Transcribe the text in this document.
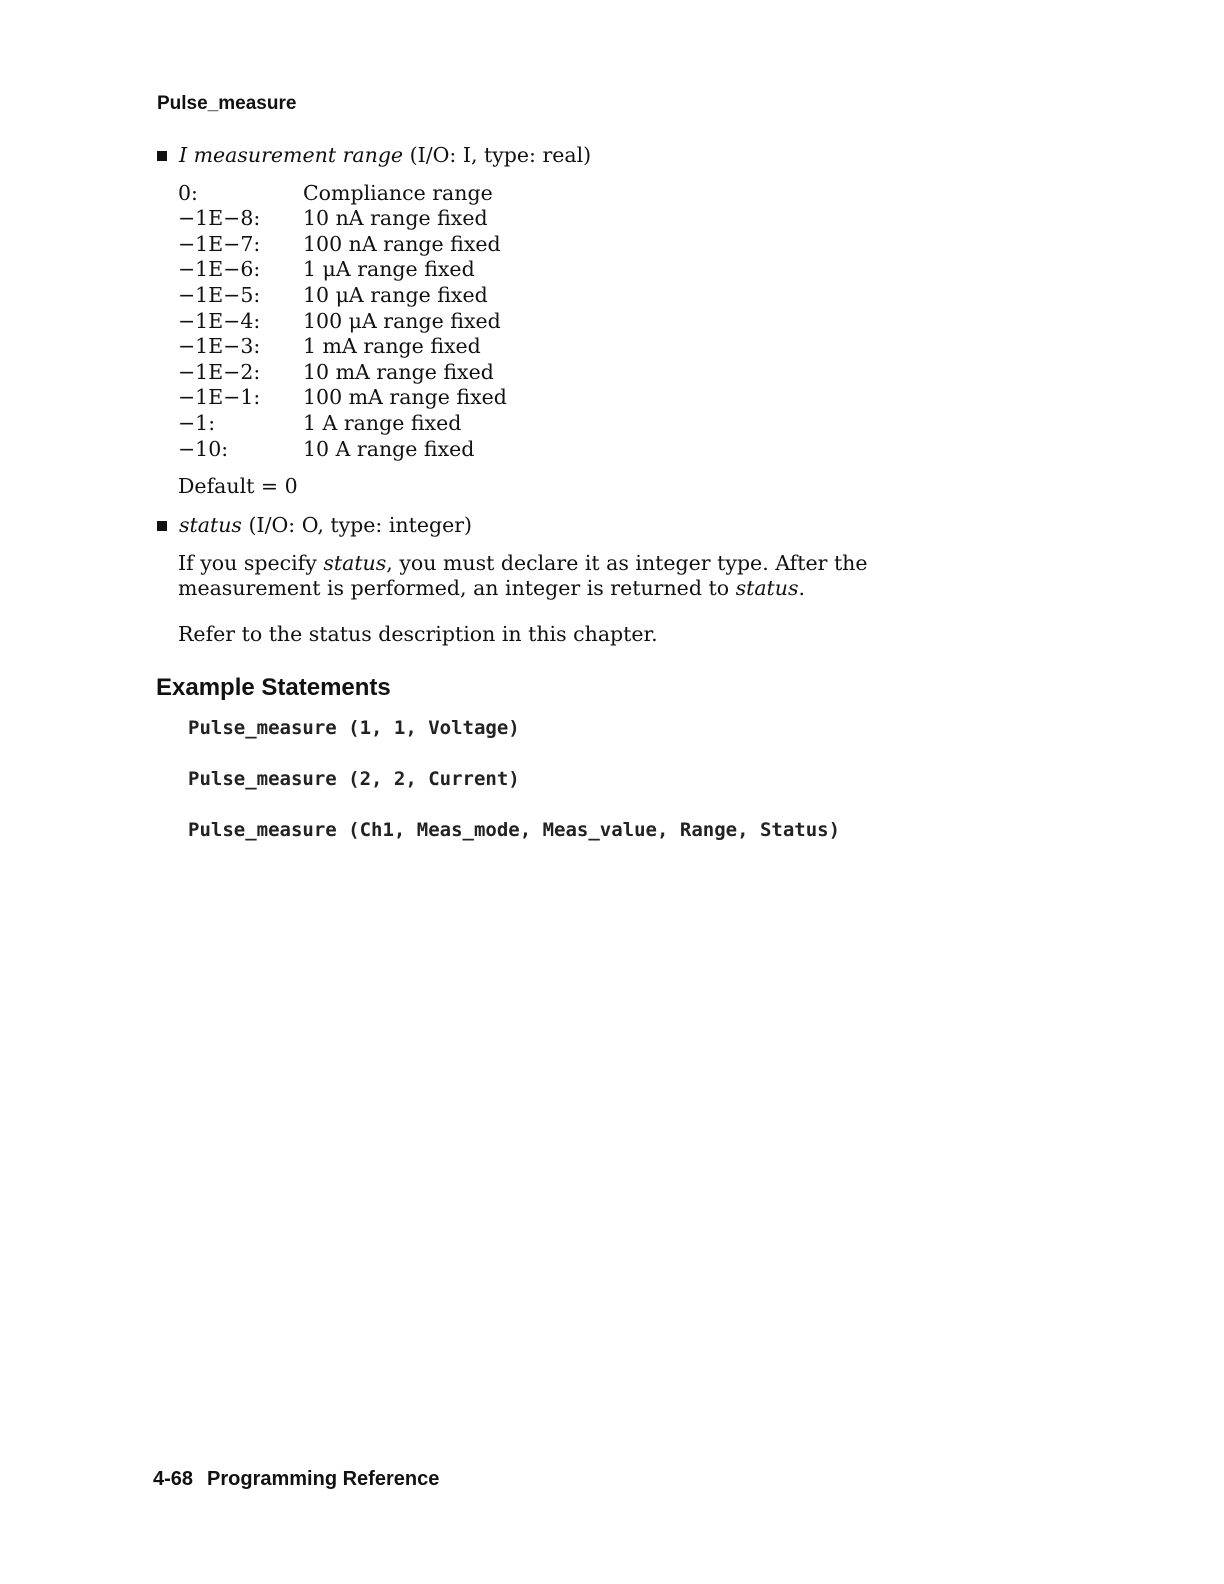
Pulse_measure
I measurement range (I/O: I, type: real)
0:	Compliance range
−1E−8:	10 nA range fixed
−1E−7:	100 nA range fixed
−1E−6:	1 μA range fixed
−1E−5:	10 μA range fixed
−1E−4:	100 μA range fixed
−1E−3:	1 mA range fixed
−1E−2:	10 mA range fixed
−1E−1:	100 mA range fixed
−1:	1 A range fixed
−10:	10 A range fixed
Default = 0
status (I/O: O, type: integer)

If you specify status, you must declare it as integer type. After the measurement is performed, an integer is returned to status.

Refer to the status description in this chapter.

Example Statements
Pulse_measure (1, 1, Voltage)
Pulse_measure (2, 2, Current)
Pulse_measure (Ch1, Meas_mode, Meas_value, Range, Status)
4-68 Programming Reference
